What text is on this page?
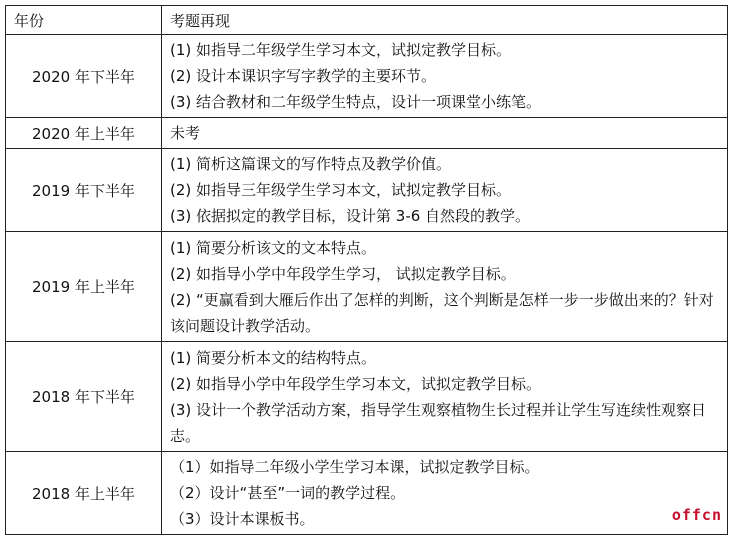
年份	考题再现
2020 年下半年	(1) 如指导二年级学生学习本文，试拟定教学目标。
(2) 设计本课识字写字教学的主要环节。
(3) 结合教材和二年级学生特点，设计一项课堂小练笔。

2020 年上半年	未考

2019 年下半年	(1) 简析这篇课文的写作特点及教学价值。
(2) 如指导三年级学生学习本文，试拟定教学目标。
(3) 依据拟定的教学目标，设计第 3-6 自然段的教学。

2019 年上半年	(1) 简要分析该文的文本特点。
(2) 如指导小学中年段学生学习， 试拟定教学目标。
(2) “更赢看到大雁后作出了怎样的判断，这个判断是怎样一步一步做出来的？针对该问题设计教学活动。

2018 年下半年	(1) 简要分析本文的结构特点。
(2) 如指导小学中年段学生学习本文，试拟定教学目标。
(3) 设计一个教学活动方案，指导学生观察植物生长过程并让学生写连续性观察日志。

2018 年上半年	（1）如指导二年级小学生学习本课，试拟定教学目标。
（2）设计“甚至”一词的教学过程。
（3）设计本课板书。	offcn
